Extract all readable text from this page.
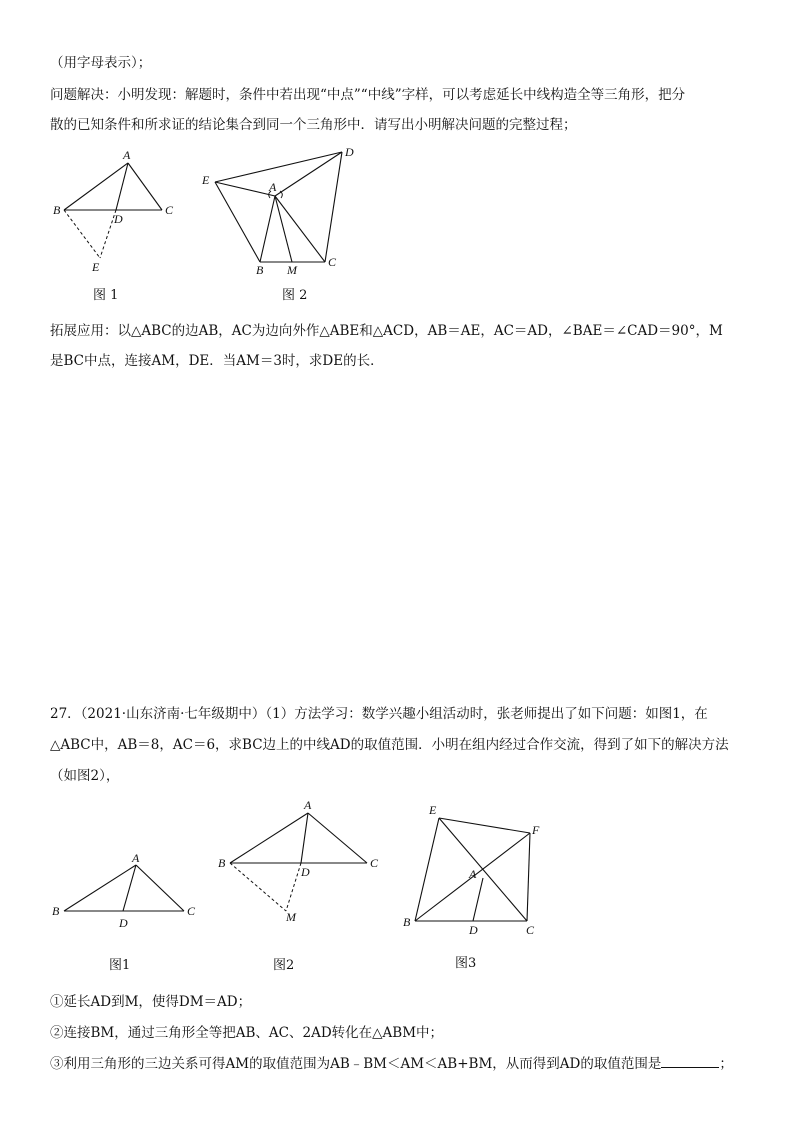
（用字母表示）；
问题解决：小明发现：解题时，条件中若出现“中点”“中线”字样，可以考虑延长中线构造全等三角形，把分
散的已知条件和所求证的结论集合到同一个三角形中．请写出小明解决问题的完整过程；
A
B	C
D
E
图 1
A
B
C
D
E
M
图 2
拓展应用：以△ABC的边AB，AC为边向外作△ABE和△ACD，AB＝AE，AC＝AD，∠BAE＝∠CAD＝90°，M
是BC中点，连接AM，DE．当AM＝3时，求DE的长．
27．（2021·山东济南·七年级期中）（1）方法学习：数学兴趣小组活动时，张老师提出了如下问题：如图1，在
△ABC中，AB＝8，AC＝6，求BC边上的中线AD的取值范围．小明在组内经过合作交流，得到了如下的解决方法
（如图2），
A
B	C
D
图1
A
B	C
D
M
图2
A
B
C
D
E
F
图3
①延长AD到M，使得DM＝AD；
②连接BM，通过三角形全等把AB、AC、2AD转化在△ABM中；
③利用三角形的三边关系可得AM的取值范围为AB﹣BM＜AM＜AB+BM，从而得到AD的取值范围是	；
